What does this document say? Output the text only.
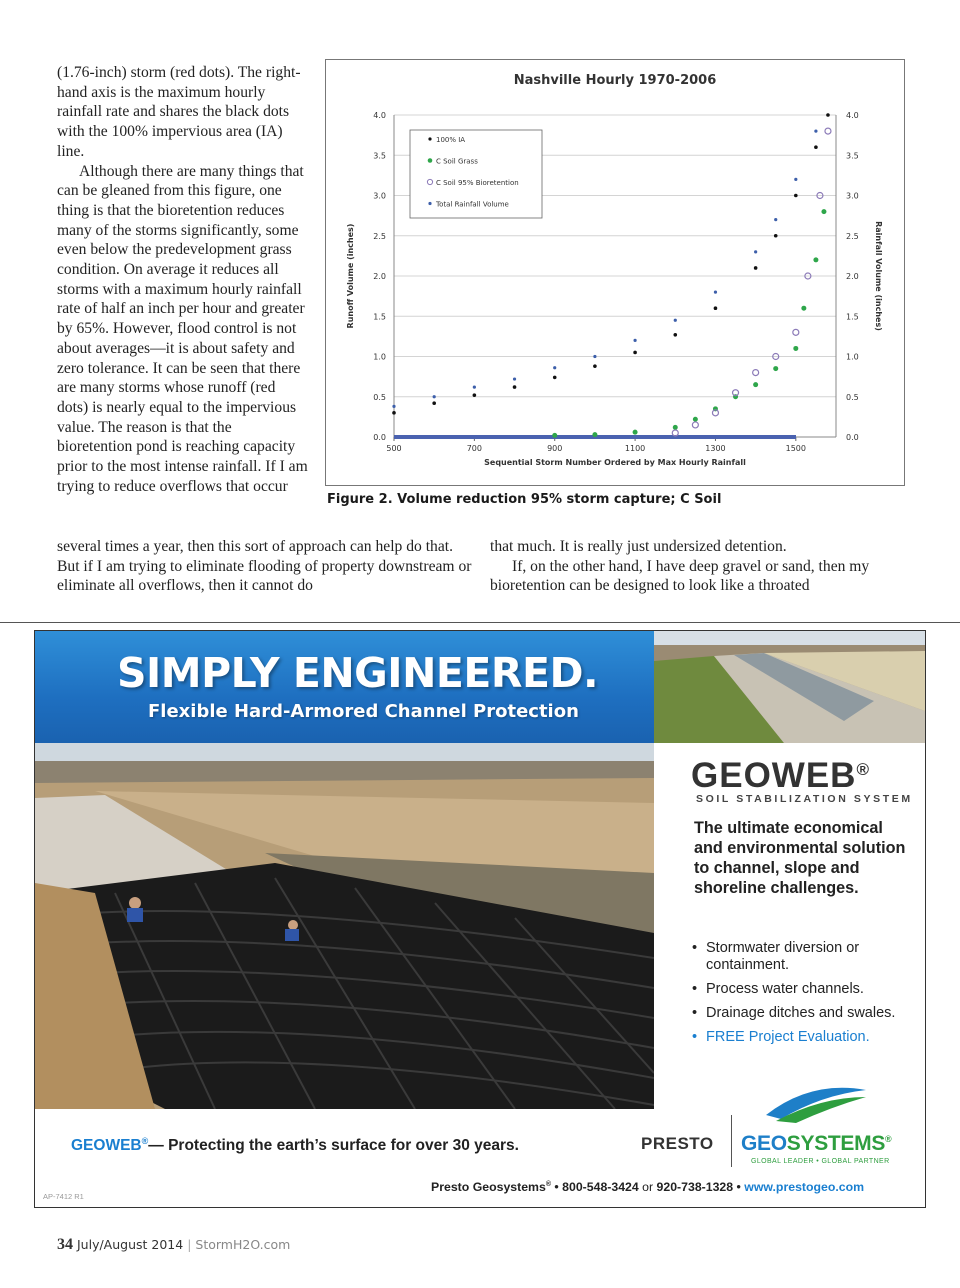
(1.76-inch) storm (red dots). The right-hand axis is the maximum hourly rainfall rate and shares the black dots with the 100% impervious area (IA) line.

Although there are many things that can be gleaned from this figure, one thing is that the bioretention reduces many of the storms significantly, some even below the predevelopment grass condition. On average it reduces all storms with a maximum hourly rainfall rate of half an inch per hour and greater by 65%. However, flood control is not about averages—it is about safety and zero tolerance. It can be seen that there are many storms whose runoff (red dots) is nearly equal to the impervious value. The reason is that the bioretention pond is reaching capacity prior to the most intense rainfall. If I am trying to reduce overflows that occur

Nashville Hourly 1970-2006
0.0	0.0
0.5	0.5
1.0	1.0
1.5	1.5
2.0	2.0
2.5	2.5
3.0	3.0
3.5	3.5
4.0	4.0
500	700	900	1100	1300	1500
Sequential Storm Number Ordered by Max Hourly Rainfall
Runoff Volume (inches)	Rainfall Volume (inches)
100% IA
C Soil Grass
C Soil 95% Bioretention
Total Rainfall Volume
Figure 2. Volume reduction 95% storm capture; C Soil

several times a year, then this sort of approach can help do that. But if I am trying to eliminate flooding of property downstream or eliminate all overflows, then it cannot do

that much. It is really just undersized detention.

If, on the other hand, I have deep gravel or sand, then my bioretention can be designed to look like a throated

SIMPLY ENGINEERED.
Flexible Hard-Armored Channel Protection
GEOWEB®
SOIL STABILIZATION SYSTEM
The ultimate economical and environmental solution to channel, slope and shoreline challenges.
• Stormwater diversion or containment.
• Process water channels.
• Drainage ditches and swales.
• FREE Project Evaluation.
GEOWEB®— Protecting the earth’s surface for over 30 years.	PRESTO GEOSYSTEMS®
GLOBAL LEADER • GLOBAL PARTNER
Presto Geosystems® • 800-548-3424 or 920-738-1328 • www.prestogeo.com
AP-7412 R1
34 July/August 2014 | StormH2O.com
